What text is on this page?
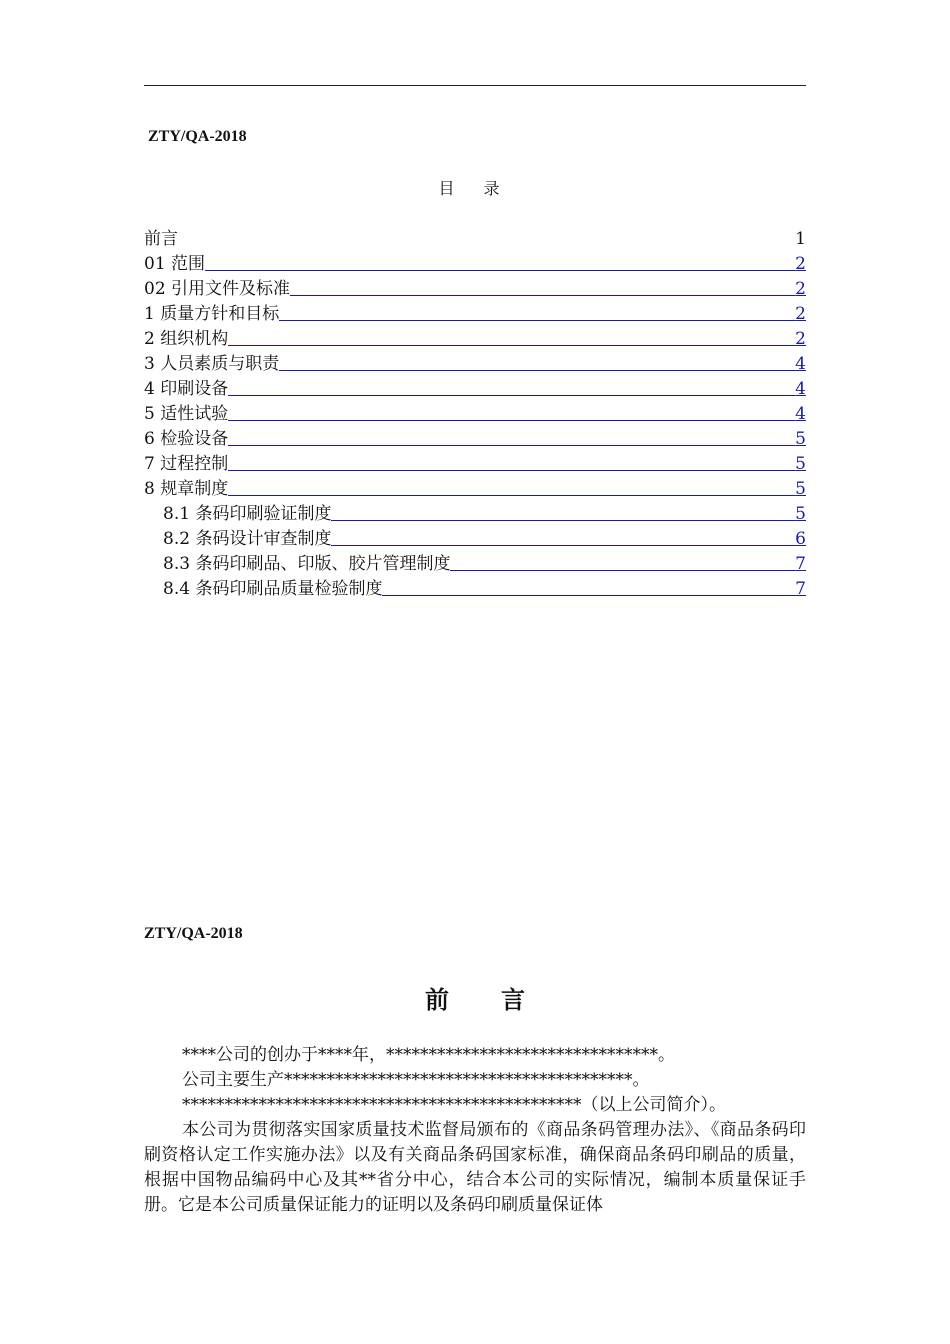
ZTY/QA-2018
目 录
前言	1
01 范围	2
02 引用文件及标准	2
1 质量方针和目标	2
2 组织机构	2
3 人员素质与职责	4
4 印刷设备	4
5 适性试验	4
6 检验设备	5
7 过程控制	5
8 规章制度	5
8.1 条码印刷验证制度	5
8.2 条码设计审查制度	6
8.3 条码印刷品、印版、胶片管理制度	7
8.4 条码印刷品质量检验制度	7
ZTY/QA-2018
前言

****公司的创办于****年，********************************。

公司主要生产*****************************************。

***********************************************（以上公司简介）。

本公司为贯彻落实国家质量技术监督局颁布的《商品条码管理办法》、《商品条码印刷资格认定工作实施办法》以及有关商品条码国家标准，确保商品条码印刷品的质量，根据中国物品编码中心及其**省分中心，结合本公司的实际情况，编制本质量保证手册。它是本公司质量保证能力的证明以及条码印刷质量保证体
